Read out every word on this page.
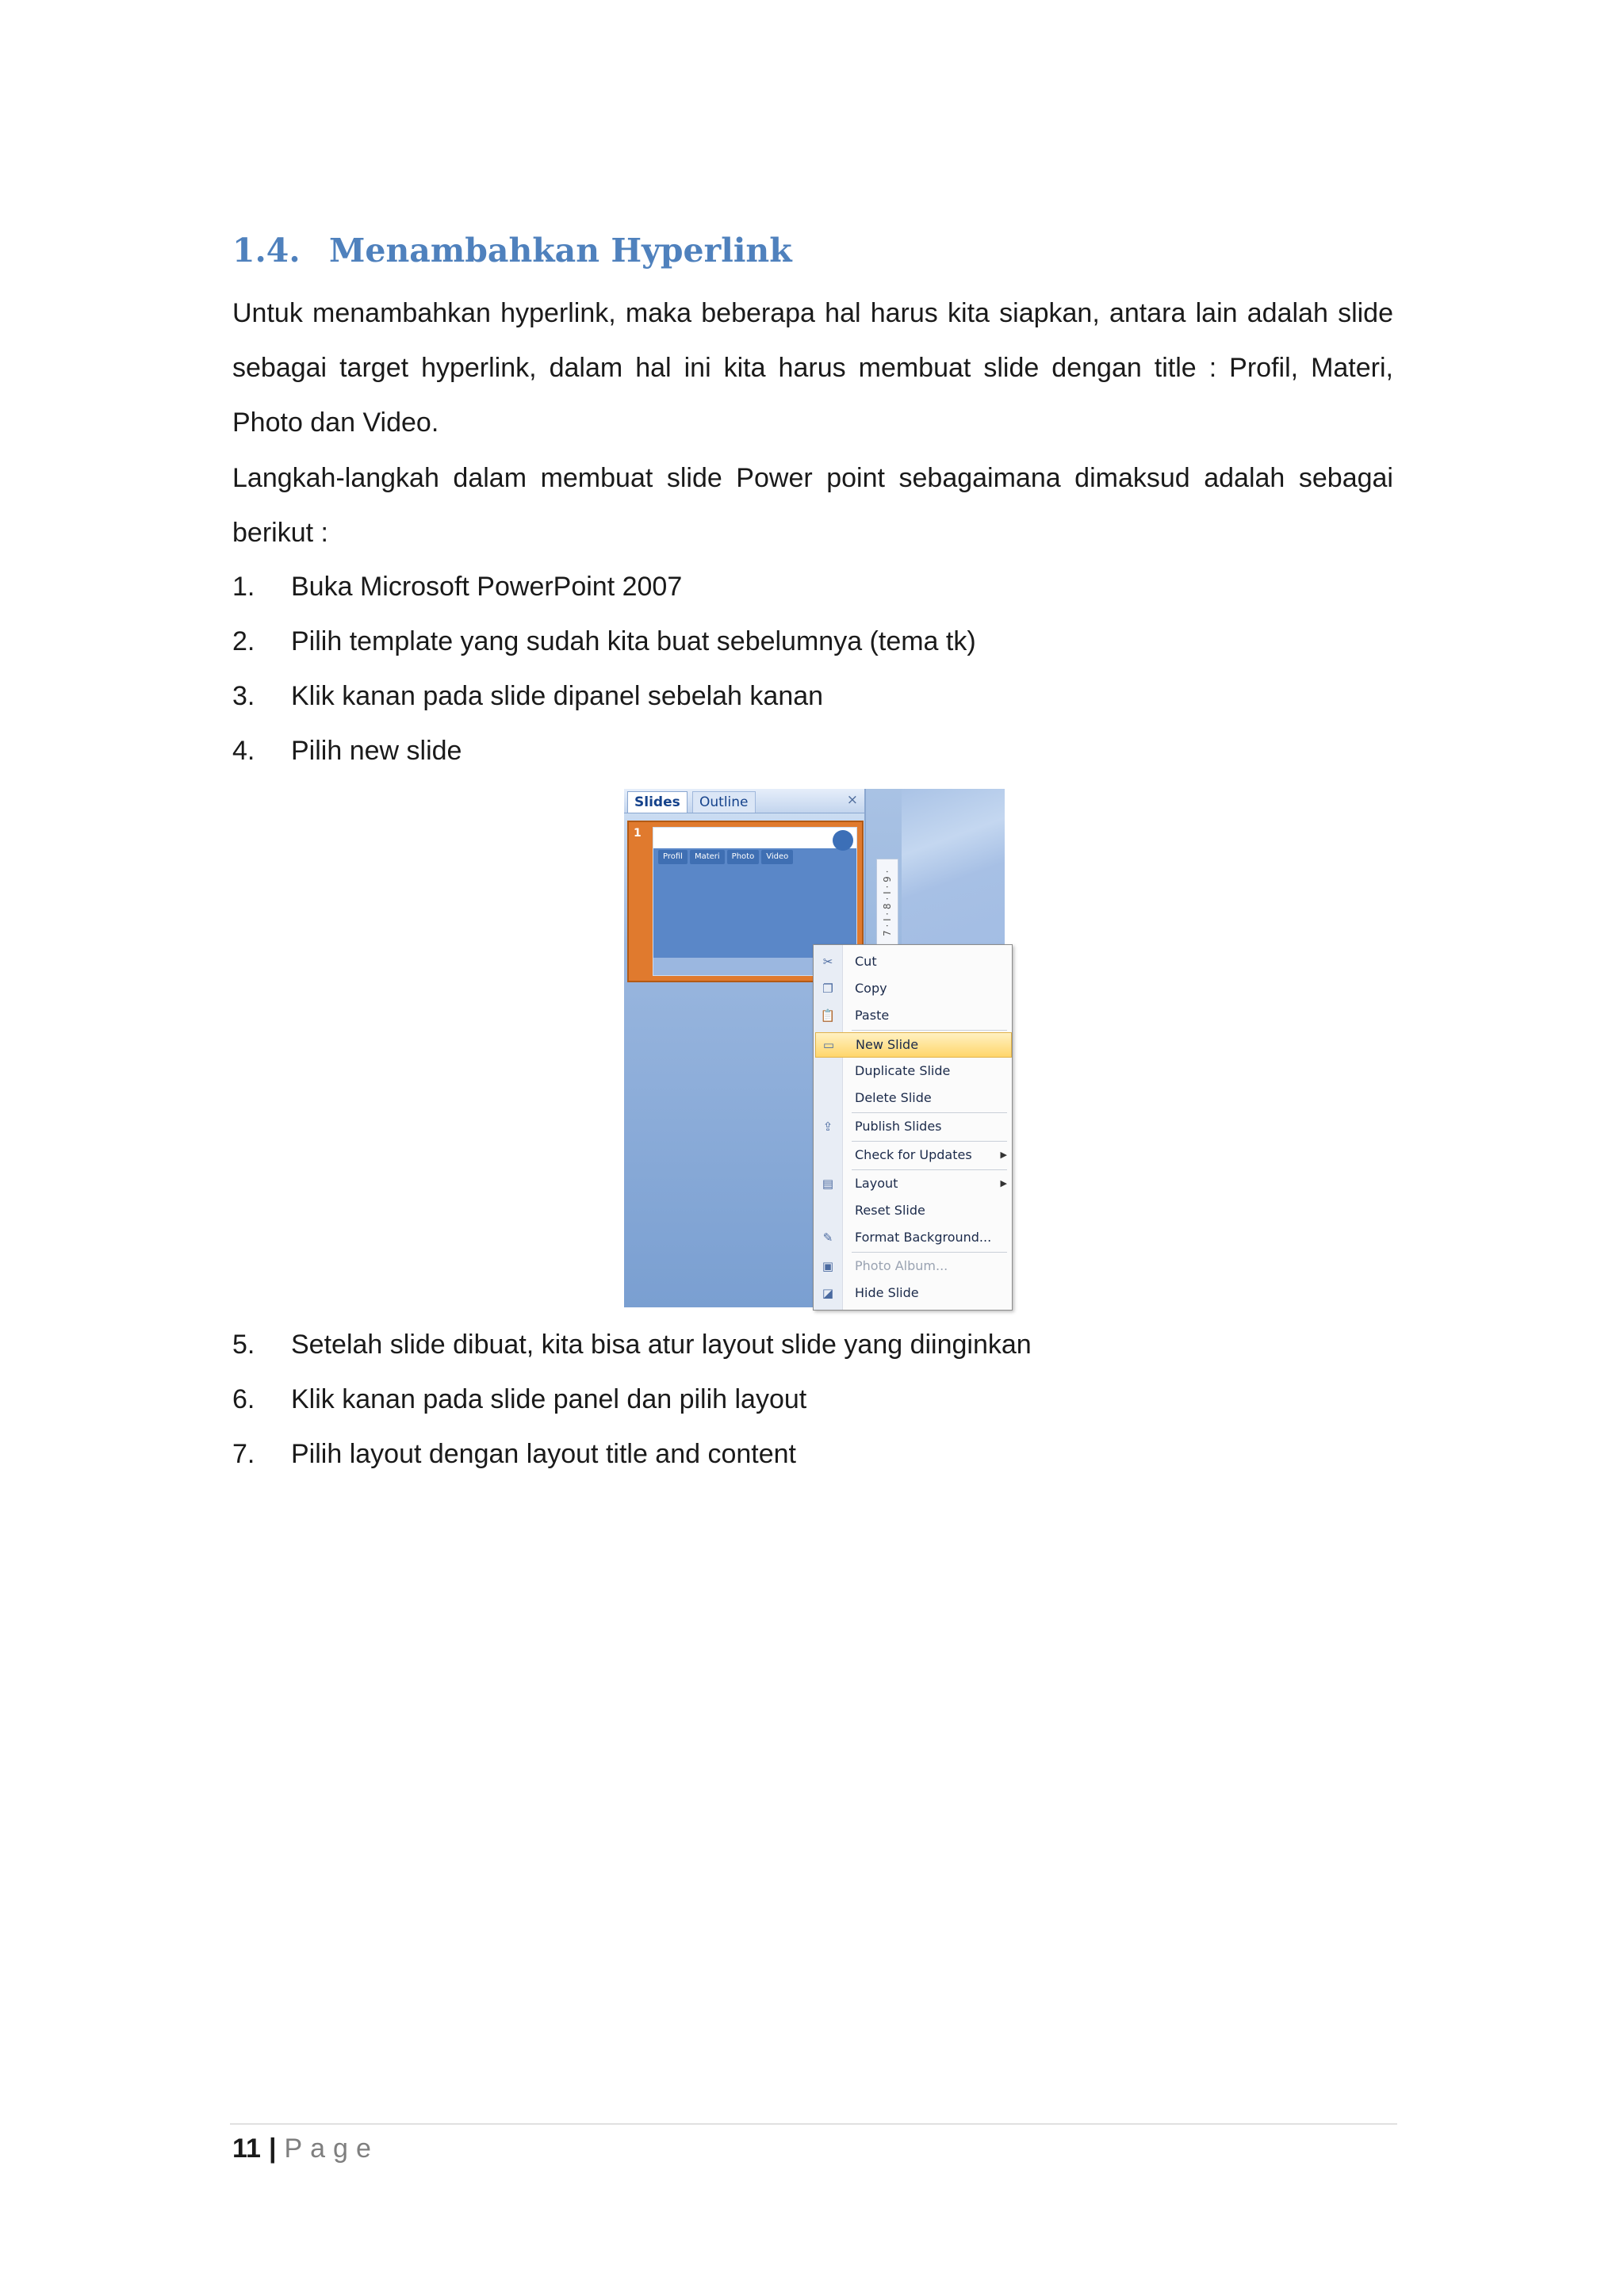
1.4. Menambahkan Hyperlink
Untuk menambahkan hyperlink, maka beberapa hal harus kita siapkan, antara lain adalah slide sebagai target hyperlink, dalam hal ini kita harus membuat slide dengan title : Profil, Materi, Photo dan Video.
Langkah-langkah dalam membuat slide Power point sebagaimana dimaksud adalah sebagai berikut :
1.	Buka Microsoft PowerPoint 2007
2.	Pilih template yang sudah kita buat sebelumnya (tema tk)
3.	Klik kanan pada slide dipanel sebelah kanan
4.	Pilih new slide
7 · I · 8 · I · 9 ·
Slides	Outline	×
1
Profil	Materi	Photo	Video
✂ Cut
❐ Copy
📋 Paste
▭ New Slide
Duplicate Slide
Delete Slide
⇪ Publish Slides
Check for Updates	▶
▤ Layout	▶
Reset Slide
✎ Format Background...
▣ Photo Album...
◪ Hide Slide
5.	Setelah slide dibuat, kita bisa atur layout slide yang diinginkan
6.	Klik kanan pada slide panel dan pilih layout
7.	Pilih layout dengan layout title and content
11 | Page
